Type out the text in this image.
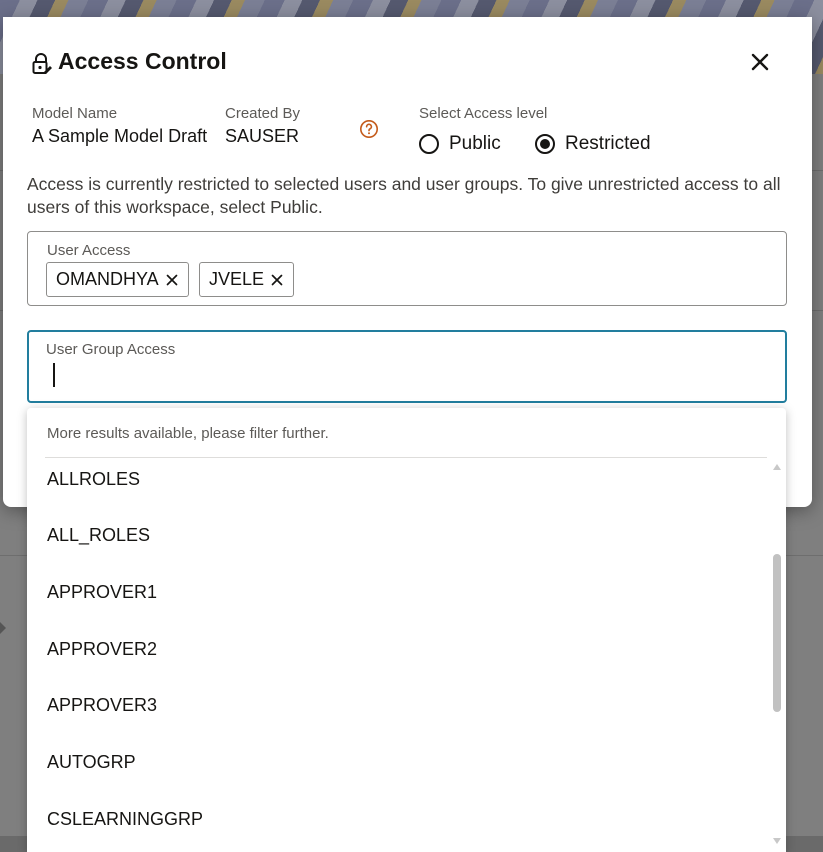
Access Control
Model Name
A Sample Model Draft
Created By
SAUSER
Select Access level
Public	Restricted
Access is currently restricted to selected users and user groups. To give unrestricted access to all users of this workspace, select Public.
User Access
OMANDHYA	JVELE
User Group Access
More results available, please filter further.
ALLROLES
ALL_ROLES
APPROVER1
APPROVER2
APPROVER3
AUTOGRP
CSLEARNINGGRP
